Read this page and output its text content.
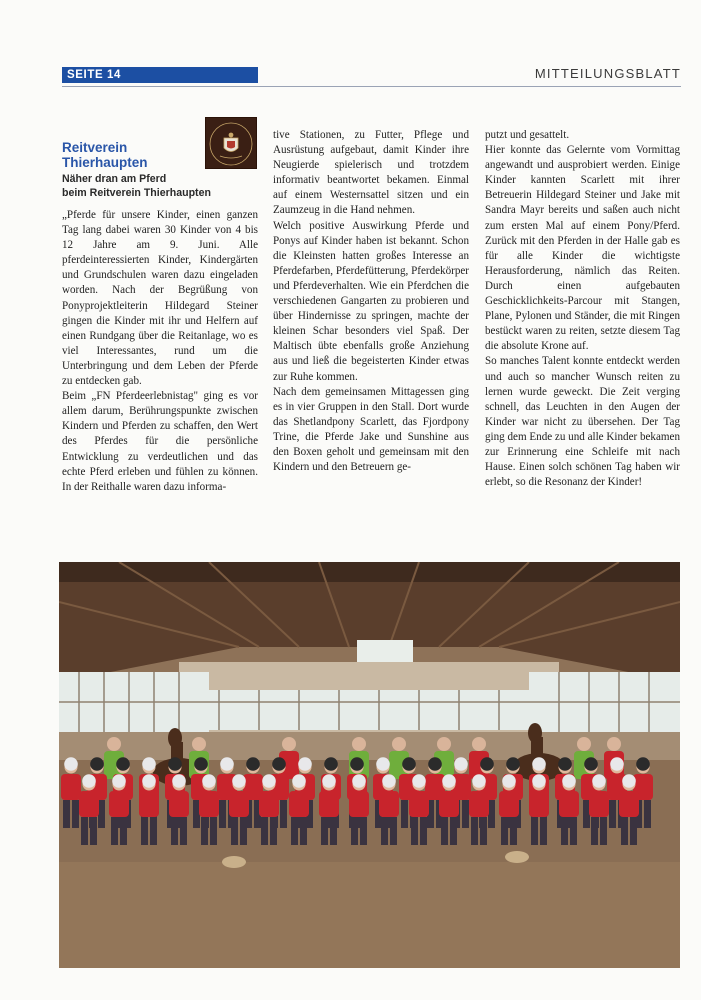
SEITE 14	MITTEILUNGSBLATT
Reitverein
Thierhaupten
Näher dran am Pferd
beim Reitverein Thierhaupten

„Pferde für unsere Kinder, einen ganzen Tag lang dabei waren 30 Kinder von 4 bis 12 Jahre am 9. Juni. Alle pferdeinteressierten Kinder, Kindergärten und Grundschulen waren dazu eingeladen worden. Nach der Begrüßung von Ponyprojektleiterin Hildegard Steiner gingen die Kinder mit ihr und Helfern auf einen Rundgang über die Reitanlage, wo es viel Interessantes, rund um die Unterbringung und dem Leben der Pferde zu entdecken gab.

Beim „FN Pferdeerlebnistag" ging es vor allem darum, Berührungspunkte zwischen Kindern und Pferden zu schaffen, den Wert des Pferdes für die persönliche Entwicklung zu verdeutlichen und das echte Pferd erleben und fühlen zu können. In der Reithalle waren dazu informa-

tive Stationen, zu Futter, Pflege und Ausrüstung aufgebaut, damit Kinder ihre Neugierde spielerisch und trotzdem informativ beantwortet bekamen. Einmal auf einem Westernsattel sitzen und ein Zaumzeug in die Hand nehmen.

Welch positive Auswirkung Pferde und Ponys auf Kinder haben ist bekannt. Schon die Kleinsten hatten großes Interesse an Pferdefarben, Pferdefütterung, Pferdekörper und Pferdeverhalten. Wie ein Pferdchen die verschiedenen Gangarten zu probieren und über Hindernisse zu springen, machte der kleinen Schar besonders viel Spaß. Der Maltisch übte ebenfalls große Anziehung aus und ließ die begeisterten Kinder etwas zur Ruhe kommen.

Nach dem gemeinsamen Mittagessen ging es in vier Gruppen in den Stall. Dort wurde das Shetlandpony Scarlett, das Fjordpony Trine, die Pferde Jake und Sunshine aus den Boxen geholt und gemeinsam mit den Kindern und den Betreuern ge-

putzt und gesattelt.

Hier konnte das Gelernte vom Vormittag angewandt und ausprobiert werden. Einige Kinder kannten Scarlett mit ihrer Betreuerin Hildegard Steiner und Jake mit Sandra Mayr bereits und saßen auch nicht zum ersten Mal auf einem Pony/Pferd. Zurück mit den Pferden in der Halle gab es für alle Kinder die wichtigste Herausforderung, nämlich das Reiten. Durch einen aufgebauten Geschicklichkeits-Parcour mit Stangen, Plane, Pylonen und Ständer, die mit Ringen bestückt waren zu reiten, setzte diesem Tag die absolute Krone auf.

So manches Talent konnte entdeckt werden und auch so mancher Wunsch reiten zu lernen wurde geweckt. Die Zeit verging schnell, das Leuchten in den Augen der Kinder war nicht zu übersehen. Der Tag ging dem Ende zu und alle Kinder bekamen zur Erinnerung eine Schleife mit nach Hause. Einen solch schönen Tag haben wir erlebt, so die Resonanz der Kinder!
